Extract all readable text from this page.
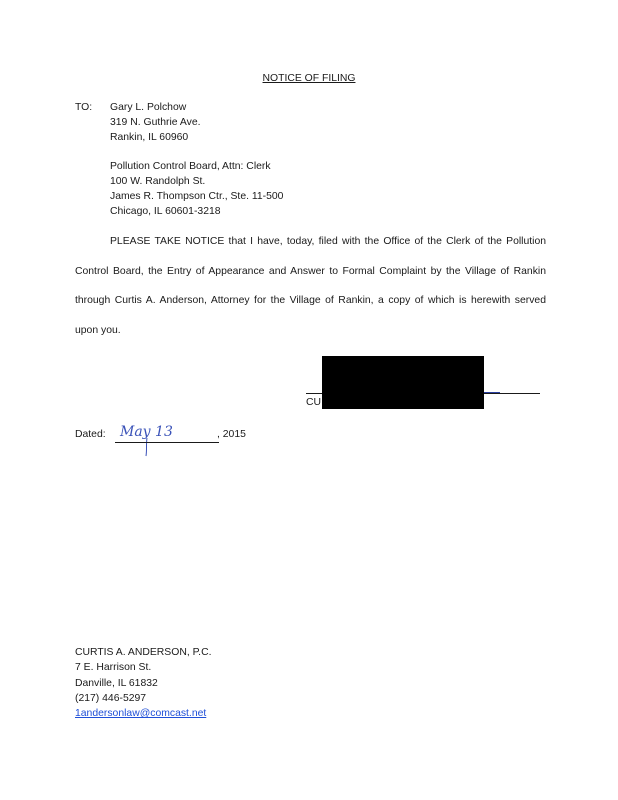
NOTICE OF FILING
TO: Gary L. Polchow
319 N. Guthrie Ave.
Rankin, IL 60960
Pollution Control Board, Attn: Clerk
100 W. Randolph St.
James R. Thompson Ctr., Ste. 11-500
Chicago, IL 60601-3218
PLEASE TAKE NOTICE that I have, today, filed with the Office of the Clerk of the Pollution
Control Board, the Entry of Appearance and Answer to Formal Complaint by the Village of Rankin
through Curtis A. Anderson, Attorney for the Village of Rankin, a copy of which is herewith served
upon you.
CU
Dated: May 13	, 2015
CURTIS A. ANDERSON, P.C.
7 E. Harrison St.
Danville, IL 61832
(217) 446-5297
1andersonlaw@comcast.net
